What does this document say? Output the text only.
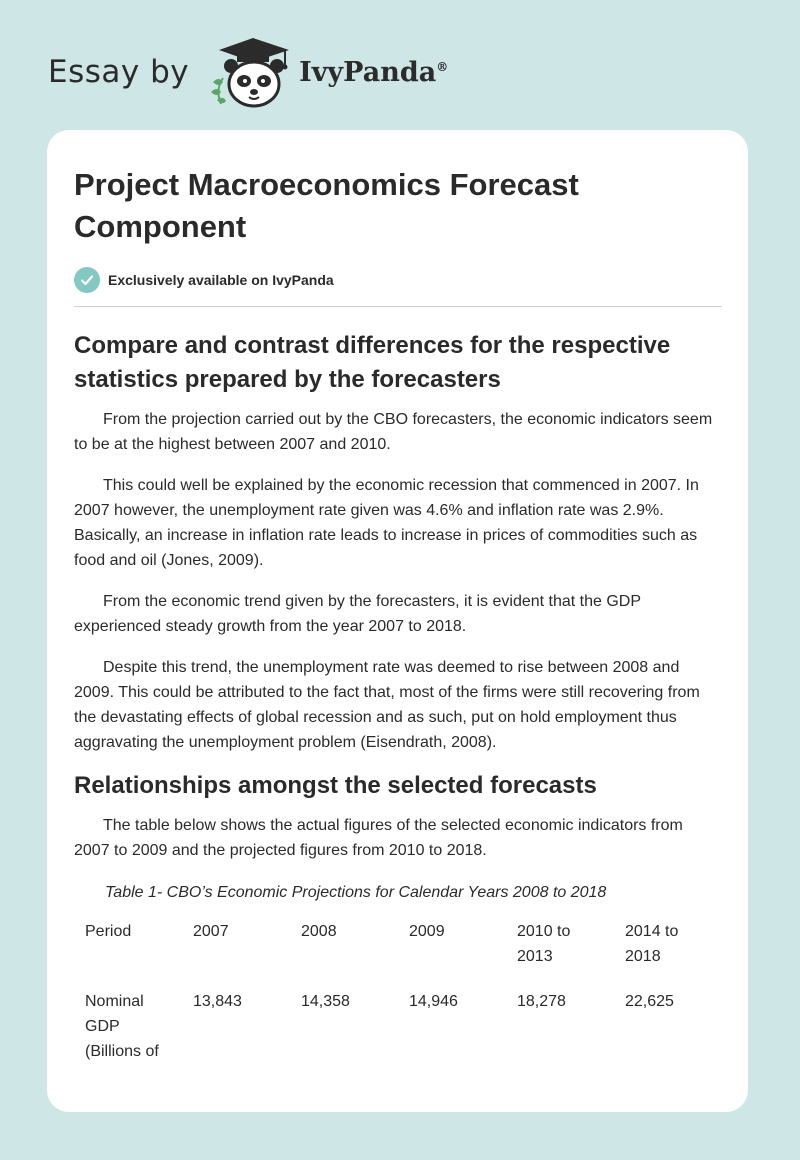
Essay by	IvyPanda®
Project Macroeconomics Forecast Component
Exclusively available on IvyPanda
Compare and contrast differences for the respective statistics prepared by the forecasters

From the projection carried out by the CBO forecasters, the economic indicators seem to be at the highest between 2007 and 2010.

This could well be explained by the economic recession that commenced in 2007. In 2007 however, the unemployment rate given was 4.6% and inflation rate was 2.9%. Basically, an increase in inflation rate leads to increase in prices of commodities such as food and oil (Jones, 2009).

From the economic trend given by the forecasters, it is evident that the GDP experienced steady growth from the year 2007 to 2018.

Despite this trend, the unemployment rate was deemed to rise between 2008 and 2009. This could be attributed to the fact that, most of the firms were still recovering from the devastating effects of global recession and as such, put on hold employment thus aggravating the unemployment problem (Eisendrath, 2008).

Relationships amongst the selected forecasts

The table below shows the actual figures of the selected economic indicators from 2007 to 2009 and the projected figures from 2010 to 2018.

Table 1- CBO’s Economic Projections for Calendar Years 2008 to 2018
Period	2007	2008	2009	2010 to 2013	2014 to 2018
Nominal GDP (Billions of	13,843	14,358	14,946	18,278	22,625
